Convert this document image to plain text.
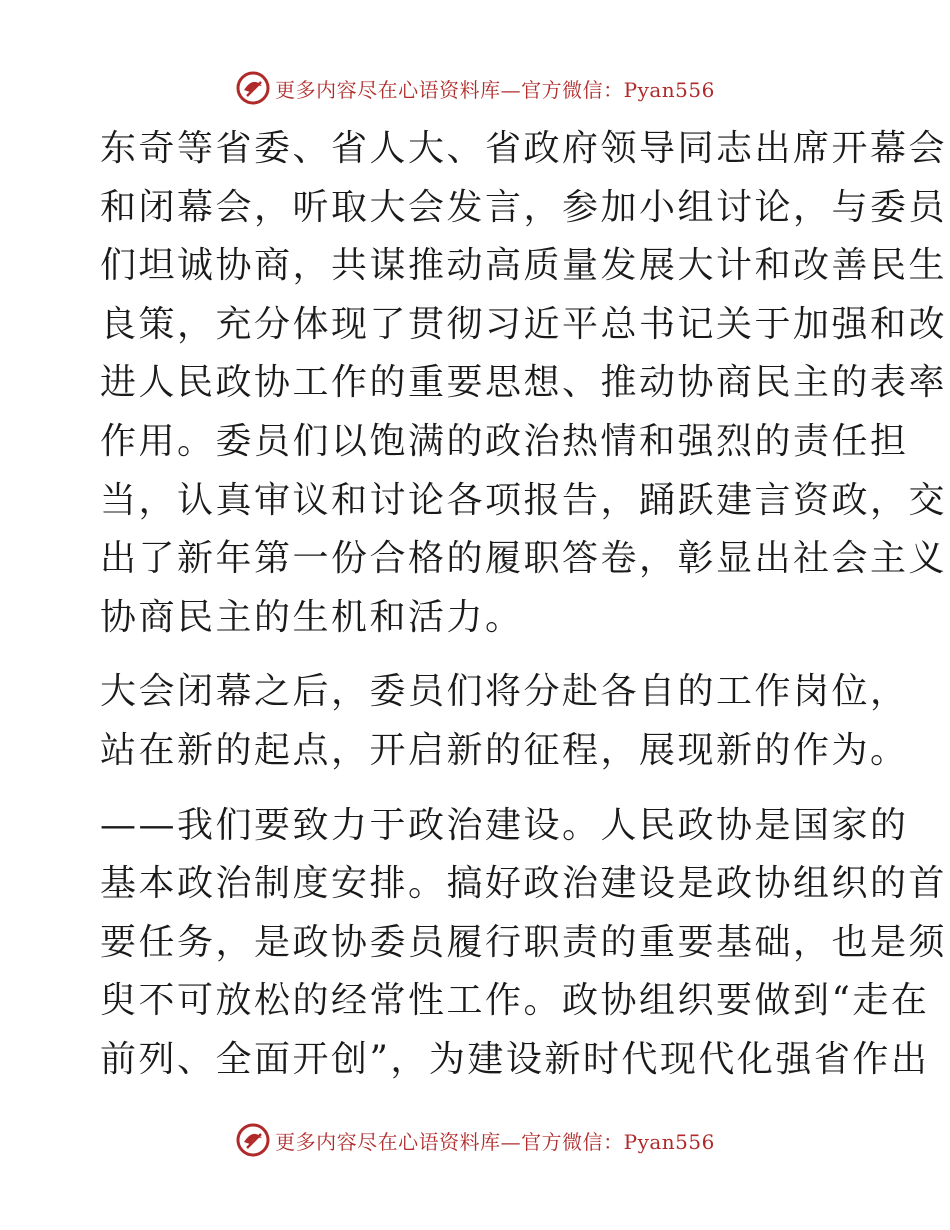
更多内容尽在心语资料库—官方微信：Pyan556

东奇等省委、省人大、省政府领导同志出席开幕会
和闭幕会，听取大会发言，参加小组讨论，与委员
们坦诚协商，共谋推动高质量发展大计和改善民生
良策，充分体现了贯彻习近平总书记关于加强和改
进人民政协工作的重要思想、推动协商民主的表率
作用。委员们以饱满的政治热情和强烈的责任担
当，认真审议和讨论各项报告，踊跃建言资政，交
出了新年第一份合格的履职答卷，彰显出社会主义
协商民主的生机和活力。

大会闭幕之后，委员们将分赴各自的工作岗位，
站在新的起点，开启新的征程，展现新的作为。

——我们要致力于政治建设。人民政协是国家的
基本政治制度安排。搞好政治建设是政协组织的首
要任务，是政协委员履行职责的重要基础，也是须
臾不可放松的经常性工作。政协组织要做到“走在
前列、全面开创”，为建设新时代现代化强省作出

更多内容尽在心语资料库—官方微信：Pyan556
